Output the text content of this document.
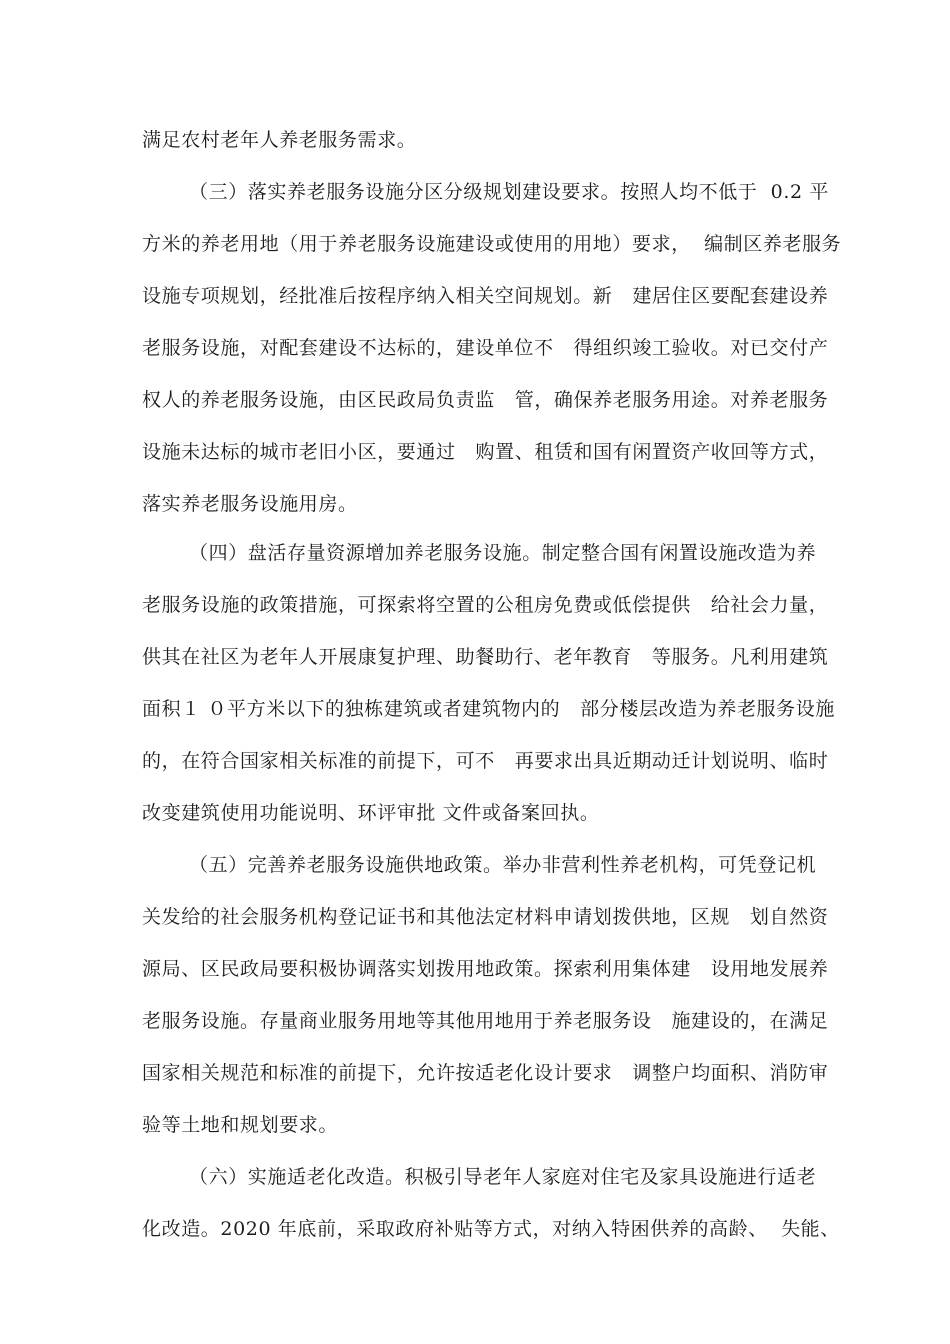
满足农村老年人养老服务需求。

（三）落实养老服务设施分区分级规划建设要求。按照人均不低于  0.2 平

方米的养老用地（用于养老服务设施建设或使用的用地）要求，  编制区养老服务

设施专项规划，经批准后按程序纳入相关空间规划。新   建居住区要配套建设养

老服务设施，对配套建设不达标的，建设单位不   得组织竣工验收。对已交付产

权人的养老服务设施，由区民政局负责监   管，确保养老服务用途。对养老服务

设施未达标的城市老旧小区，要通过   购置、租赁和国有闲置资产收回等方式，

落实养老服务设施用房。

（四）盘活存量资源增加养老服务设施。制定整合国有闲置设施改造为养

老服务设施的政策措施，可探索将空置的公租房免费或低偿提供   给社会力量，

供其在社区为老年人开展康复护理、助餐助行、老年教育   等服务。凡利用建筑

面积１ ０平方米以下的独栋建筑或者建筑物内的   部分楼层改造为养老服务设施

的，在符合国家相关标准的前提下，可不   再要求出具近期动迁计划说明、临时

改变建筑使用功能说明、环评审批 文件或备案回执。

（五）完善养老服务设施供地政策。举办非营利性养老机构，可凭登记机

关发给的社会服务机构登记证书和其他法定材料申请划拨供地，区规   划自然资

源局、区民政局要积极协调落实划拨用地政策。探索利用集体建   设用地发展养

老服务设施。存量商业服务用地等其他用地用于养老服务设   施建设的，在满足

国家相关规范和标准的前提下，允许按适老化设计要求   调整户均面积、消防审

验等土地和规划要求。

（六）实施适老化改造。积极引导老年人家庭对住宅及家具设施进行适老

化改造。2020 年底前，采取政府补贴等方式，对纳入特困供养的高龄、  失能、
